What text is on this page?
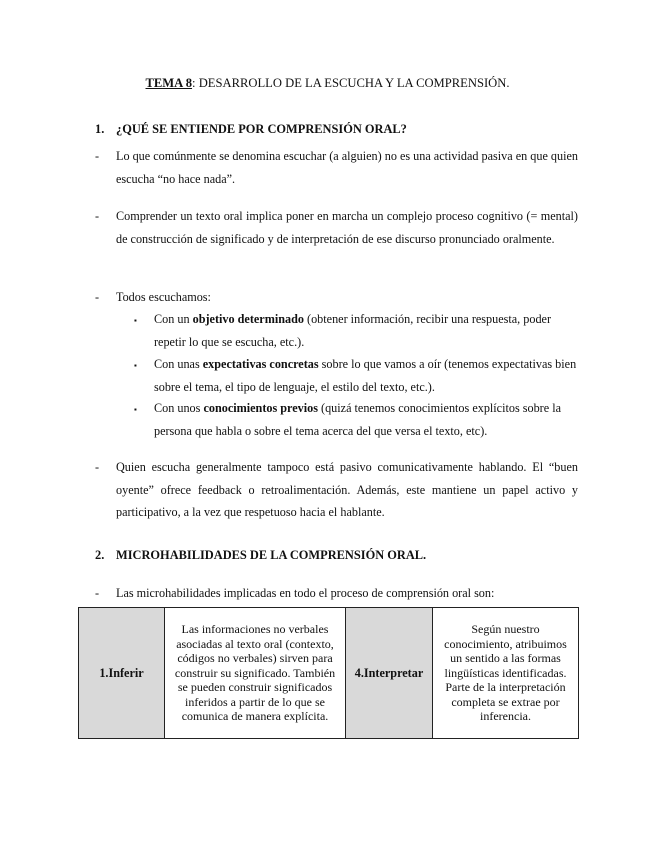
TEMA 8: DESARROLLO DE LA ESCUCHA Y LA COMPRENSIÓN.
1. ¿QUÉ SE ENTIENDE POR COMPRENSIÓN ORAL?
- Lo que comúnmente se denomina escuchar (a alguien) no es una actividad pasiva en que quien escucha “no hace nada”.
- Comprender un texto oral implica poner en marcha un complejo proceso cognitivo (= mental) de construcción de significado y de interpretación de ese discurso pronunciado oralmente.
- Todos escuchamos:
▪ Con un objetivo determinado (obtener información, recibir una respuesta, poder repetir lo que se escucha, etc.).
▪ Con unas expectativas concretas sobre lo que vamos a oír (tenemos expectativas bien sobre el tema, el tipo de lenguaje, el estilo del texto, etc.).
▪ Con unos conocimientos previos (quizá tenemos conocimientos explícitos sobre la persona que habla o sobre el tema acerca del que versa el texto, etc).
- Quien escucha generalmente tampoco está pasivo comunicativamente hablando. El “buen oyente” ofrece feedback o retroalimentación. Además, este mantiene un papel activo y participativo, a la vez que respetuoso hacia el hablante.
2. MICROHABILIDADES DE LA COMPRENSIÓN ORAL.
- Las microhabilidades implicadas en todo el proceso de comprensión oral son:
1.Inferir	Las informaciones no verbales asociadas al texto oral (contexto, códigos no verbales) sirven para construir su significado. También se pueden construir significados inferidos a partir de lo que se comunica de manera explícita.	4.Interpretar	Según nuestro conocimiento, atribuimos un sentido a las formas lingüísticas identificadas. Parte de la interpretación completa se extrae por inferencia.
